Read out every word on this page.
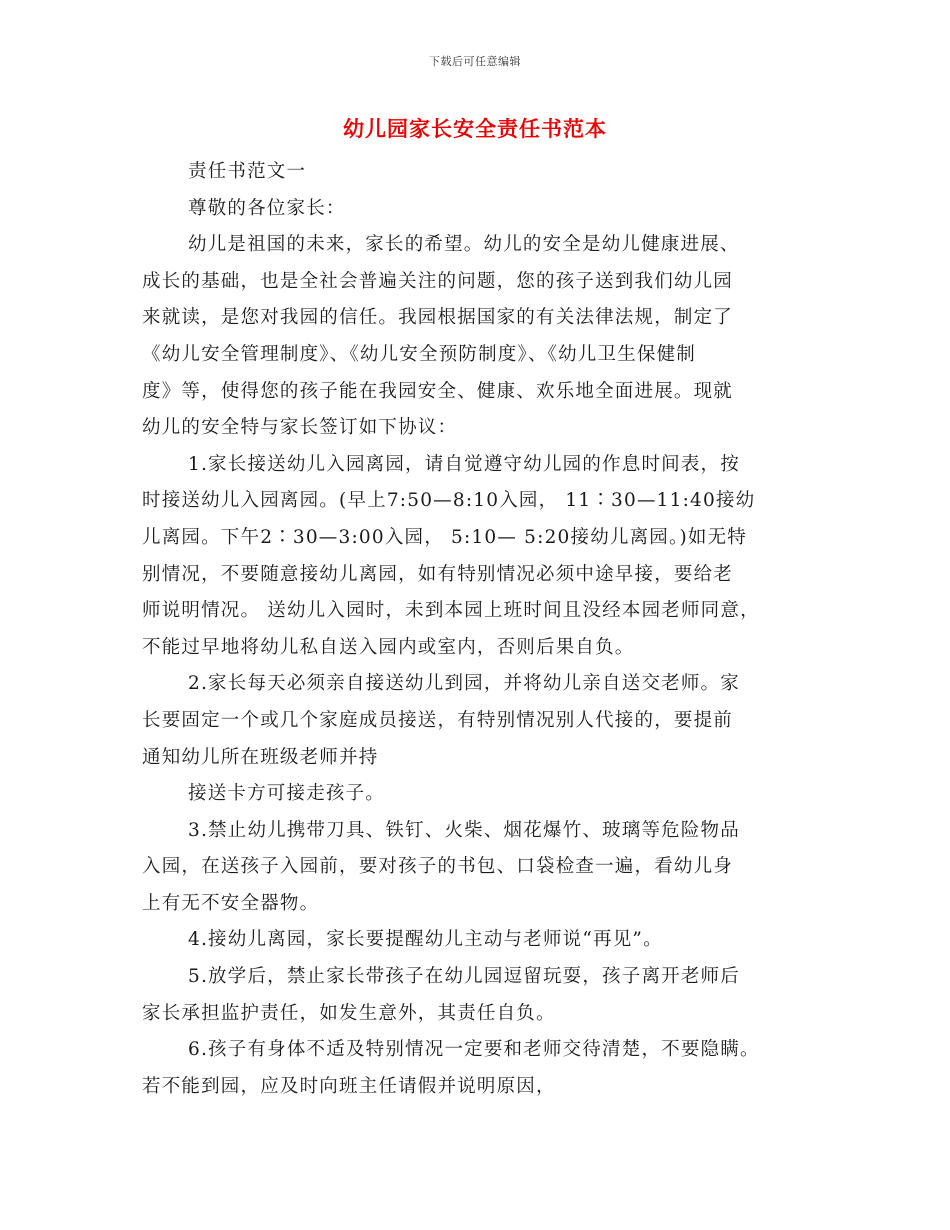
下载后可任意编辑
幼儿园家长安全责任书范本
责任书范文一
尊敬的各位家长：
幼儿是祖国的未来，家长的希望。幼儿的安全是幼儿健康进展、
成长的基础，也是全社会普遍关注的问题，您的孩子送到我们幼儿园
来就读，是您对我园的信任。我园根据国家的有关法律法规，制定了
《幼儿安全管理制度》、《幼儿安全预防制度》、《幼儿卫生保健制
度》等，使得您的孩子能在我园安全、健康、欢乐地全面进展。现就
幼儿的安全特与家长签订如下协议：
1.家长接送幼儿入园离园，请自觉遵守幼儿园的作息时间表，按
时接送幼儿入园离园。(早上7:50—8:10入园， 11∶30—11:40接幼
儿离园。下午2∶30—3:00入园， 5:10— 5:20接幼儿离园。)如无特
别情况，不要随意接幼儿离园，如有特别情况必须中途早接，要给老
师说明情况。 送幼儿入园时，未到本园上班时间且没经本园老师同意，
不能过早地将幼儿私自送入园内或室内，否则后果自负。
2.家长每天必须亲自接送幼儿到园，并将幼儿亲自送交老师。家
长要固定一个或几个家庭成员接送，有特别情况别人代接的，要提前
通知幼儿所在班级老师并持
接送卡方可接走孩子。
3.禁止幼儿携带刀具、铁钉、火柴、烟花爆竹、玻璃等危险物品
入园，在送孩子入园前，要对孩子的书包、口袋检查一遍，看幼儿身
上有无不安全器物。
4.接幼儿离园，家长要提醒幼儿主动与老师说“再见”。
5.放学后，禁止家长带孩子在幼儿园逗留玩耍，孩子离开老师后
家长承担监护责任，如发生意外，其责任自负。
6.孩子有身体不适及特别情况一定要和老师交待清楚，不要隐瞒。
若不能到园，应及时向班主任请假并说明原因，
